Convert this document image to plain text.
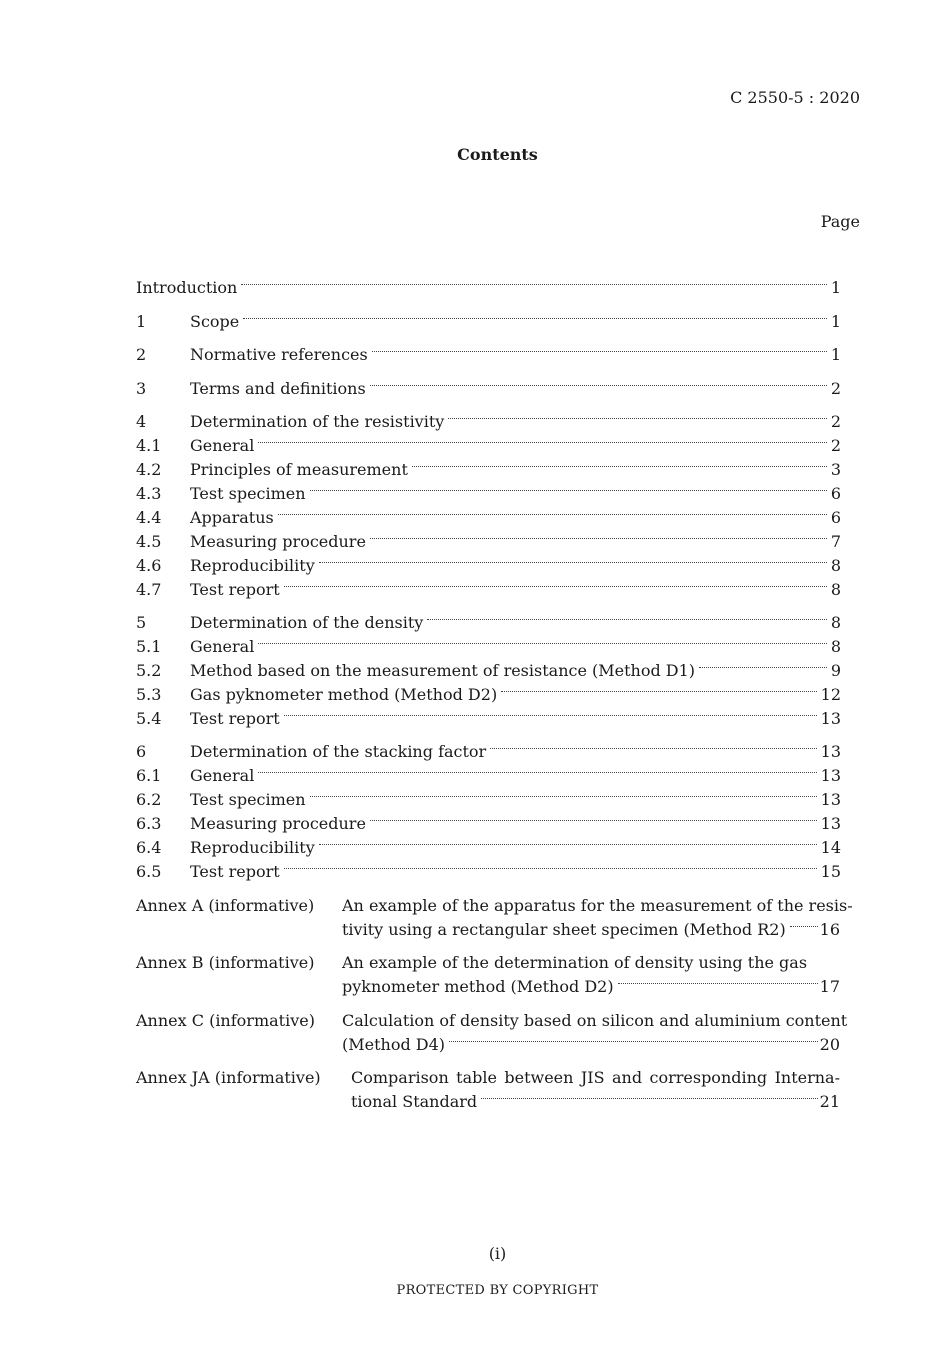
C 2550-5 : 2020
Contents
Page
Introduction	1
1	Scope	1
2	Normative references	1
3	Terms and definitions	2
4	Determination of the resistivity	2
4.1 General	2
4.2 Principles of measurement	3
4.3 Test specimen	6
4.4 Apparatus	6
4.5 Measuring procedure	7
4.6 Reproducibility	8
4.7 Test report	8
5	Determination of the density	8
5.1 General	8
5.2 Method based on the measurement of resistance (Method D1)	9
5.3 Gas pyknometer method (Method D2)	12
5.4 Test report	13
6	Determination of the stacking factor	13
6.1 General	13
6.2 Test specimen	13
6.3 Measuring procedure	13
6.4 Reproducibility	14
6.5 Test report	15
Annex A (informative) An example of the apparatus for the measurement of the resis-
tivity using a rectangular sheet specimen (Method R2) 16
Annex B (informative) An example of the determination of density using the gas
pyknometer method (Method D2)	17
Annex C (informative) Calculation of density based on silicon and aluminium content
(Method D4)	20
Annex JA (informative) Comparison table between JIS and corresponding Interna-
tional Standard	21
(i)
PROTECTED BY COPYRIGHT
